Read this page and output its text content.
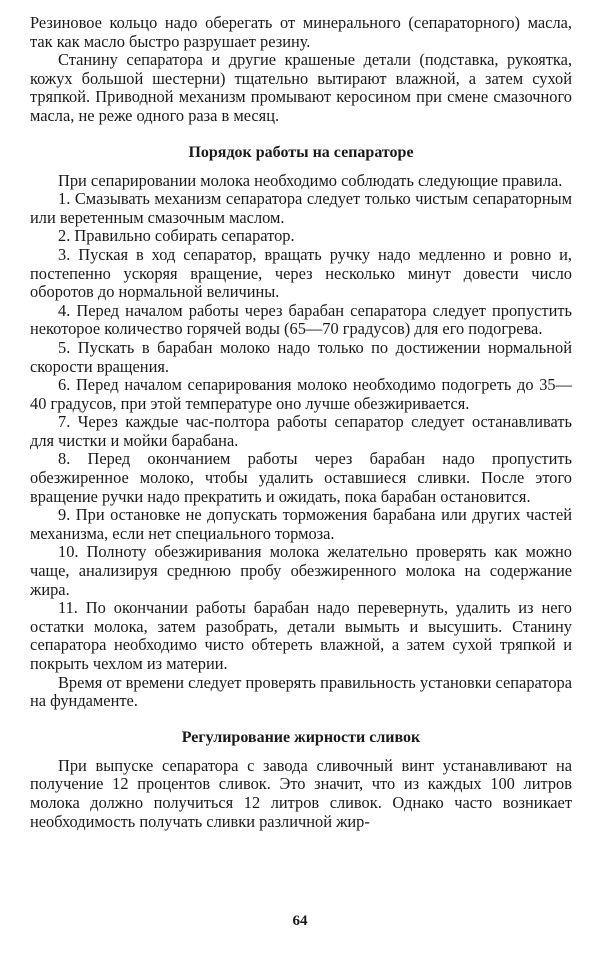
Резиновое кольцо надо оберегать от минерального (сепараторного) масла, так как масло быстро разрушает резину.

Станину сепаратора и другие крашеные детали (подставка, рукоятка, кожух большой шестерни) тщательно вытирают влажной, а затем сухой тряпкой. Приводной механизм промывают керосином при смене смазочного масла, не реже одного раза в месяц.

Порядок работы на сепараторе

При сепарировании молока необходимо соблюдать следующие правила.

1. Смазывать механизм сепаратора следует только чистым сепараторным или веретенным смазочным маслом.

2. Правильно собирать сепаратор.

3. Пуская в ход сепаратор, вращать ручку надо медленно и ровно и, постепенно ускоряя вращение, через несколько минут довести число оборотов до нормальной величины.

4. Перед началом работы через барабан сепаратора следует пропустить некоторое количество горячей воды (65—70 градусов) для его подогрева.

5. Пускать в барабан молоко надо только по достижении нормальной скорости вращения.

6. Перед началом сепарирования молоко необходимо подогреть до 35—40 градусов, при этой температуре оно лучше обезжиривается.

7. Через каждые час-полтора работы сепаратор следует останавливать для чистки и мойки барабана.

8. Перед окончанием работы через барабан надо пропустить обезжиренное молоко, чтобы удалить оставшиеся сливки. После этого вращение ручки надо прекратить и ожидать, пока барабан остановится.

9. При остановке не допускать торможения барабана или других частей механизма, если нет специального тормоза.

10. Полноту обезжиривания молока желательно проверять как можно чаще, анализируя среднюю пробу обезжиренного молока на содержание жира.

11. По окончании работы барабан надо перевернуть, удалить из него остатки молока, затем разобрать, детали вымыть и высушить. Станину сепаратора необходимо чисто обтереть влажной, а затем сухой тряпкой и покрыть чехлом из материи.

Время от времени следует проверять правильность установки сепаратора на фундаменте.

Регулирование жирности сливок

При выпуске сепаратора с завода сливочный винт устанавливают на получение 12 процентов сливок. Это значит, что из каждых 100 литров молока должно получиться 12 литров сливок. Однако часто возникает необходимость получать сливки различной жир-

64
